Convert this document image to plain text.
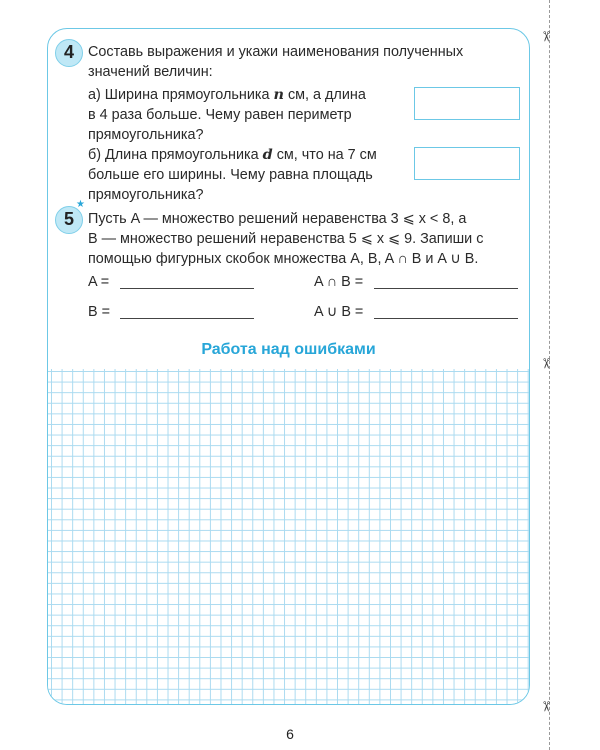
✂
✂
✂
4 Составь выражения и укажи наименования полученных значений величин:
а) Ширина прямоугольника n см, а длина
в 4 раза больше. Чему равен периметр
прямоугольника?
б) Длина прямоугольника d см, что на 7 см
больше его ширины. Чему равна площадь
прямоугольника?
5
★
Пусть A — множество решений неравенства 3 ⩽ x < 8, а
B — множество решений неравенства 5 ⩽ x ⩽ 9. Запиши с
помощью фигурных скобок множества A, B, A ∩ B и A ∪ B.
A =	A ∩ B =
B =	A ∪ B =
Работа над ошибками
6
